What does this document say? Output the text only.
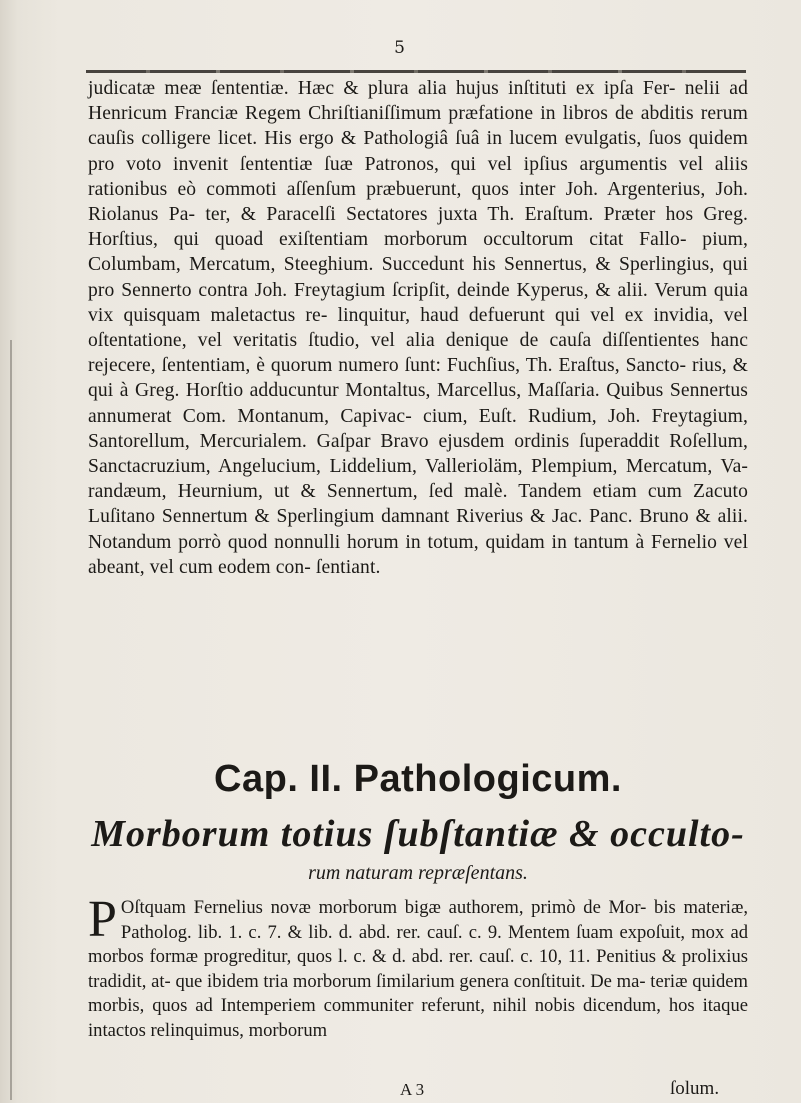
5

judicatæ meæ ſententiæ. Hæc & plura alia hujus inſtituti ex ipſa Fer- nelii ad Henricum Franciæ Regem Chriſtianiſſimum præfatione in libros de abditis rerum cauſis colligere licet. His ergo & Pathologiâ ſuâ in lucem evulgatis, ſuos quidem pro voto invenit ſententiæ ſuæ Patronos, qui vel ipſius argumentis vel aliis rationibus eò commoti aſſenſum præbuerunt, quos inter Joh. Argenterius, Joh. Riolanus Pa- ter, & Paracelſi Sectatores juxta Th. Eraſtum. Præter hos Greg. Horſtius, qui quoad exiſtentiam morborum occultorum citat Fallo- pium, Columbam, Mercatum, Steeghium. Succedunt his Sennertus, & Sperlingius, qui pro Sennerto contra Joh. Freytagium ſcripſit, deinde Kyperus, & alii. Verum quia vix quisquam maletactus re- linquitur, haud defuerunt qui vel ex invidia, vel oſtentatione, vel veritatis ſtudio, vel alia denique de cauſa diſſentientes hanc rejecere, ſententiam, è quorum numero ſunt: Fuchſius, Th. Eraſtus, Sancto- rius, & qui à Greg. Horſtio adducuntur Montaltus, Marcellus, Maſſaria. Quibus Sennertus annumerat Com. Montanum, Capivac- cium, Euſt. Rudium, Joh. Freytagium, Santorellum, Mercurialem. Gaſpar Bravo ejusdem ordinis ſuperaddit Roſellum, Sanctacruzium, Angelucium, Liddelium, Vallerioläm, Plempium, Mercatum, Va- randæum, Heurnium, ut & Sennertum, ſed malè. Tandem etiam cum Zacuto Luſitano Sennertum & Sperlingium damnant Riverius & Jac. Panc. Bruno & alii. Notandum porrò quod nonnulli horum in totum, quidam in tantum à Fernelio vel abeant, vel cum eodem con- ſentiant.

Cap. II. Pathologicum.
Morborum totius ſubſtantiæ & occulto-
rum naturam repræſentans.
P Oſtquam Fernelius novæ morborum bigæ authorem, primò de Mor- bis materiæ, Patholog. lib. 1. c. 7. & lib. d. abd. rer. cauſ. c. 9. Mentem ſuam expoſuit, mox ad morbos formæ progreditur, quos l. c. & d. abd. rer. cauſ. c. 10, 11. Penitius & prolixius tradidit, at- que ibidem tria morborum ſimilarium genera conſtituit. De ma- teriæ quidem morbis, quos ad Intemperiem communiter referunt, nihil nobis dicendum, hos itaque intactos relinquimus, morborum

A 3	ſolum.
